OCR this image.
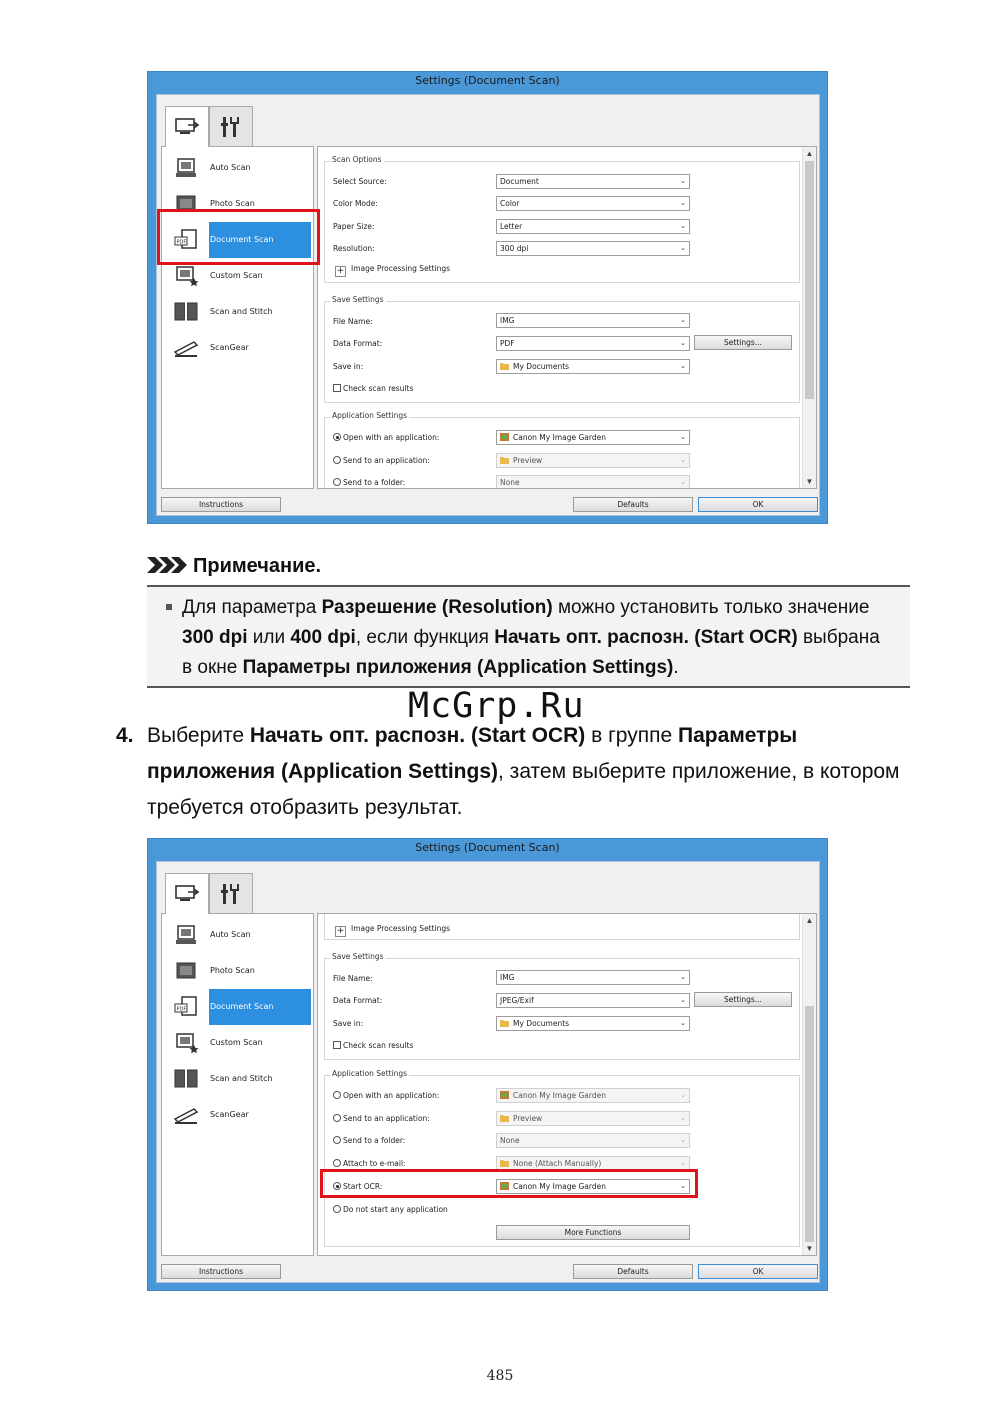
Settings (Document Scan)
Auto Scan
Photo Scan
PDF	Document Scan
Custom Scan
Scan and Stitch
ScanGear
Scan Options
Select Source:	Document	⌄
Color Mode:	Color	⌄
Paper Size:	Letter	⌄
Resolution:	300 dpi	⌄
+ Image Processing Settings
Save Settings
File Name:	IMG	⌄
Data Format:	PDF	⌄	Settings...
Save in:	My Documents	⌄
Check scan results
Application Settings
Open with an application:	Canon My Image Garden	⌄
Send to an application:	Preview	⌄
Send to a folder:	None	⌄
▲
▼
Instructions	Defaults	OK
Примечание.

Для параметра Разрешение (Resolution) можно установить только значение 300 dpi или 400 dpi, если функция Начать опт. распозн. (Start OCR) выбрана в окне Параметры приложения (Application Settings).

McGrp.Ru
4. Выберите Начать опт. распозн. (Start OCR) в группе Параметры приложения (Application Settings), затем выберите приложение, в котором требуется отобразить результат.
Settings (Document Scan)
Auto Scan
Photo Scan
PDF	Document Scan
Custom Scan
Scan and Stitch
ScanGear
+ Image Processing Settings
Save Settings
File Name:	IMG	⌄
Data Format:	JPEG/Exif	⌄	Settings...
Save in:	My Documents	⌄
Check scan results
Application Settings
Open with an application:	Canon My Image Garden	⌄
Send to an application:	Preview	⌄
Send to a folder:	None	⌄
Attach to e-mail:	None (Attach Manually)	⌄
Start OCR:	Canon My Image Garden	⌄
Do not start any application
More Functions
▲
▼
Instructions	Defaults	OK
485
